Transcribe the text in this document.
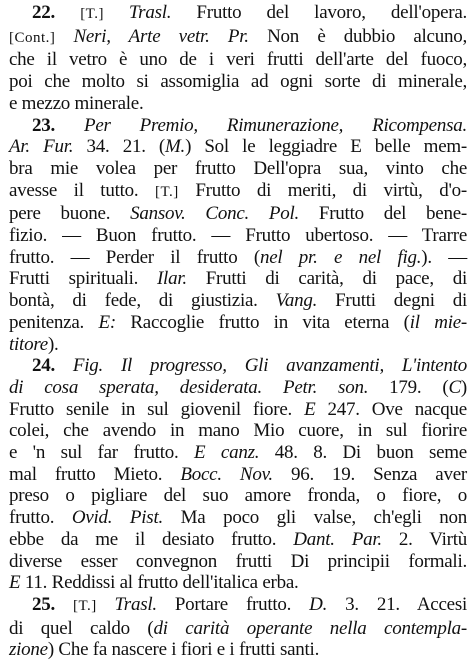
22. [T.] Trasl. Frutto del lavoro, dell'opera.
[Cont.] Neri, Arte vetr. Pr. Non è dubbio alcuno,
che il vetro è uno de i veri frutti dell'arte del fuoco,
poi che molto si assomiglia ad ogni sorte di minerale,
e mezzo minerale.
23. Per Premio, Rimunerazione, Ricompensa.
Ar. Fur. 34. 21. (M.) Sol le leggiadre E belle mem-
bra mie volea per frutto Dell'opra sua, vinto che
avesse il tutto. [T.] Frutto di meriti, di virtù, d'o-
pere buone. Sansov. Conc. Pol. Frutto del bene-
fizio. — Buon frutto. — Frutto ubertoso. — Trarre
frutto. — Perder il frutto (nel pr. e nel fig.). —
Frutti spirituali. Ilar. Frutti di carità, di pace, di
bontà, di fede, di giustizia. Vang. Frutti degni di
penitenza. E: Raccoglie frutto in vita eterna (il mie-
titore).
24. Fig. Il progresso, Gli avanzamenti, L'intento
di cosa sperata, desiderata. Petr. son. 179. (C)
Frutto senile in sul giovenil fiore. E 247. Ove nacque
colei, che avendo in mano Mio cuore, in sul fiorire
e 'n sul far frutto. E canz. 48. 8. Di buon seme
mal frutto Mieto. Bocc. Nov. 96. 19. Senza aver
preso o pigliare del suo amore fronda, o fiore, o
frutto. Ovid. Pist. Ma poco gli valse, ch'egli non
ebbe da me il desiato frutto. Dant. Par. 2. Virtù
diverse esser convegnon frutti Di principii formali.
E 11. Reddissi al frutto dell'italica erba.
25. [T.] Trasl. Portare frutto. D. 3. 21. Accesi
di quel caldo (di carità operante nella contempla-
zione) Che fa nascere i fiori e i frutti santi.
